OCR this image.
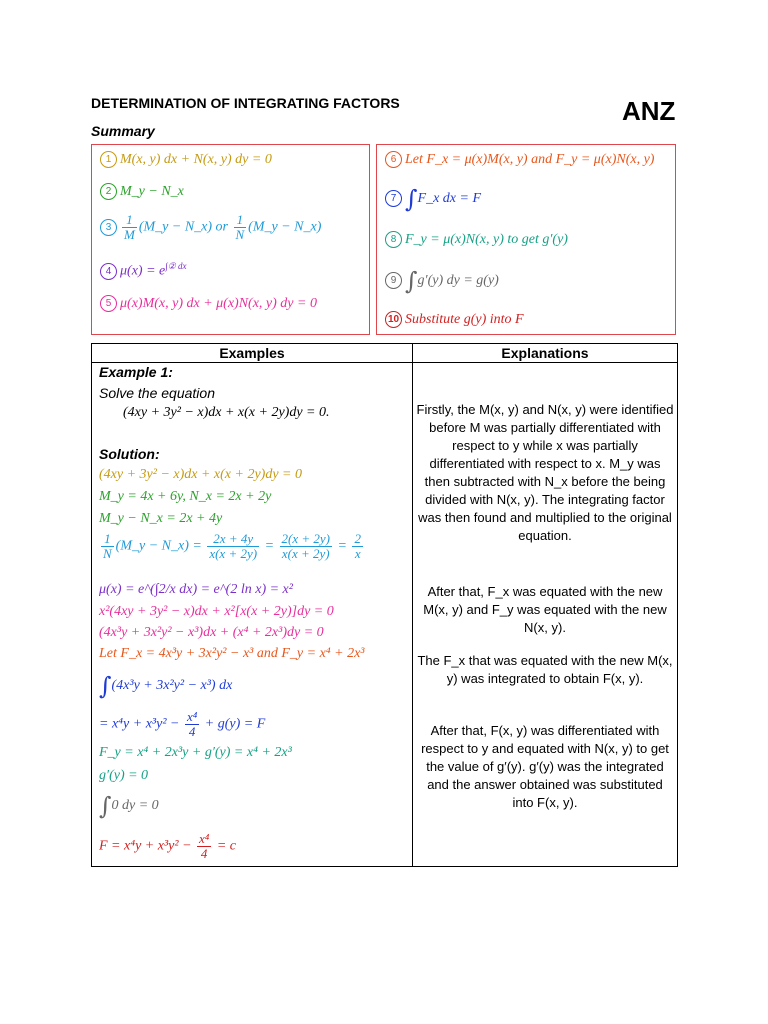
DETERMINATION OF INTEGRATING FACTORS	ANZ
Summary
1 M(x, y) dx + N(x, y) dy = 0
2 M_y − N_x
$3 \frac{1}{M}$ (M_y − N_x) or $\frac{1}{N}$ (M_y − N_x)
4 $\mu(x) = e^{\int ② dx}$
5 μ(x)M(x, y) dx + μ(x)N(x, y) dy = 0
6 Let F_x = μ(x)M(x, y) and F_y = μ(x)N(x, y)
7 ∫F_x dx = F
8 F_y = μ(x)N(x, y) to get g′(y)
9 ∫g′(y) dy = g(y)
10 Substitute g(y) into F
Examples	Explanations
Example 1:
Solve the equation
(4xy + 3y² − x)dx + x(x + 2y)dy = 0.
Solution:
(4xy + 3y² − x)dx + x(x + 2y)dy = 0
M_y = 4x + 6y, N_x = 2x + 2y
M_y − N_x = 2x + 4y
$\frac{1}{N}$ (M_y − N_x) = $\frac{2x + 4y}{x(x + 2y)} = \frac{2(x + 2y)}{x(x + 2y)} = \frac{2}{x}$
μ(x) = e^(∫2/x dx) = e^(2 ln x) = x²
x²(4xy + 3y² − x)dx + x²[x(x + 2y)]dy = 0
(4x³y + 3x²y² − x³)dx + (x⁴ + 2x³)dy = 0
Let F_x = 4x³y + 3x²y² − x³ and F_y = x⁴ + 2x³
∫(4x³y + 3x²y² − x³) dx
= $x^4y + x^3y^2 - \frac{\text{x⁴}}{4} + g(y) = F$
F_y = x⁴ + 2x³y + g′(y) = x⁴ + 2x³
g′(y) = 0
∫0 dy = 0
$F = x^4y + x^3y^2 - \frac{\text{x⁴}}{4} = c$
Firstly, the M(x, y) and N(x, y) were identified before M was partially differentiated with respect to y while x was partially differentiated with respect to x. M_y was then subtracted with N_x before the being divided with N(x, y). The integrating factor was then found and multiplied to the original equation.
After that, F_x was equated with the new M(x, y) and F_y was equated with the new N(x, y).
The F_x that was equated with the new M(x, y) was integrated to obtain F(x, y).
After that, F(x, y) was differentiated with respect to y and equated with N(x, y) to get the value of g′(y). g′(y) was the integrated and the answer obtained was substituted into F(x, y).
